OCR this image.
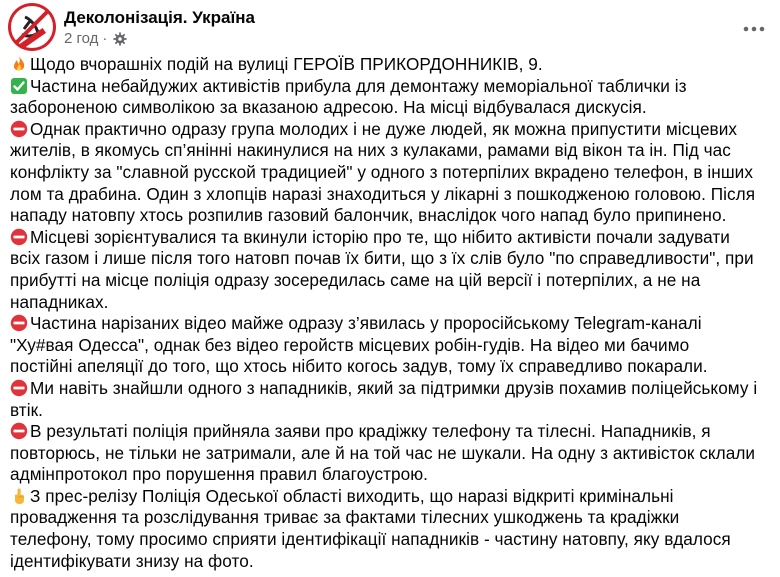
Деколонізація. Україна
2 год ·
Щодо вчорашніх подій на вулиці ГЕРОЇВ ПРИКОРДОННИКІВ, 9.
Частина небайдужих активістів прибула для демонтажу меморіальної таблички із
забороненою символікою за вказаною адресою. На місці відбувалася дискусія.
Однак практично одразу група молодих і не дуже людей, як можна припустити місцевих
жителів, в якомусь сп’янінні накинулися на них з кулаками, рамами від вікон та ін. Під час
конфлікту за "славной русской традицией" у одного з потерпілих вкрадено телефон, в інших
лом та драбина. Один з хлопців наразі знаходиться у лікарні з пошкодженою головою. Після
нападу натовпу хтось розпилив газовий балончик, внаслідок чого напад було припинено.
Місцеві зорієнтувалися та вкинули історію про те, що нібито активісти почали задувати
всіх газом і лише після того натовп почав їх бити, що з їх слів було "по справедливости", при
прибутті на місце поліція одразу зосередилась саме на цій версії і потерпілих, а не на
нападниках.
Частина нарізаних відео майже одразу з’явилась у проросійському Telegram-каналі
"Ху#вая Одесса", однак без відео геройств місцевих робін-гудів. На відео ми бачимо
постійні апеляції до того, що хтось нібито когось задув, тому їх справедливо покарали.
Ми навіть знайшли одного з нападників, який за підтримки друзів похамив поліцейському і
втік.
В результаті поліція прийняла заяви про крадіжку телефону та тілесні. Нападників, я
повторюсь, не тільки не затримали, але й на той час не шукали. На одну з активісток склали
адмінпротокол про порушення правил благоустрою.
З прес-релізу Поліція Одеської області виходить, що наразі відкриті кримінальні
провадження та розслідування триває за фактами тілесних ушкоджень та крадіжки
телефону, тому просимо сприяти ідентифікації нападників - частину натовпу, яку вдалося
ідентифікувати знизу на фото.
